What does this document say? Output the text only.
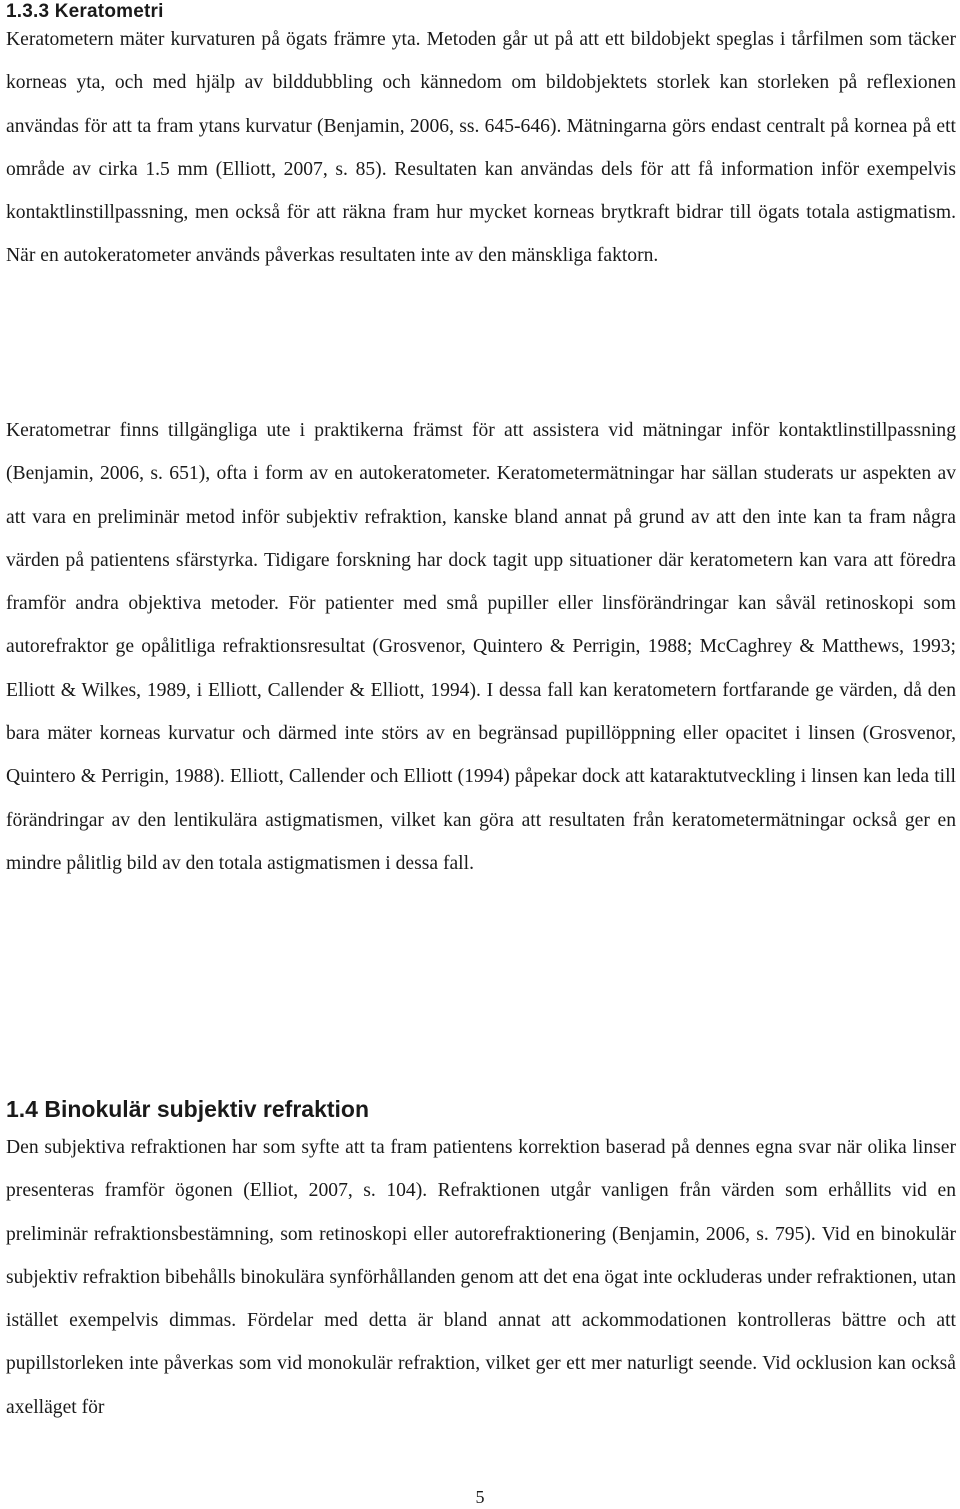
1.3.3 Keratometri

Keratometern mäter kurvaturen på ögats främre yta. Metoden går ut på att ett bildobjekt speglas i tårfilmen som täcker korneas yta, och med hjälp av bilddubbling och kännedom om bildobjektets storlek kan storleken på reflexionen användas för att ta fram ytans kurvatur (Benjamin, 2006, ss. 645-646). Mätningarna görs endast centralt på kornea på ett område av cirka 1.5 mm (Elliott, 2007, s. 85). Resultaten kan användas dels för att få information inför exempelvis kontaktlinstillpassning, men också för att räkna fram hur mycket korneas brytkraft bidrar till ögats totala astigmatism. När en autokeratometer används påverkas resultaten inte av den mänskliga faktorn.

Keratometrar finns tillgängliga ute i praktikerna främst för att assistera vid mätningar inför kontaktlinstillpassning (Benjamin, 2006, s. 651), ofta i form av en autokeratometer. Keratometermätningar har sällan studerats ur aspekten av att vara en preliminär metod inför subjektiv refraktion, kanske bland annat på grund av att den inte kan ta fram några värden på patientens sfärstyrka. Tidigare forskning har dock tagit upp situationer där keratometern kan vara att föredra framför andra objektiva metoder. För patienter med små pupiller eller linsförändringar kan såväl retinoskopi som autorefraktor ge opålitliga refraktionsresultat (Grosvenor, Quintero & Perrigin, 1988; McCaghrey & Matthews, 1993; Elliott & Wilkes, 1989, i Elliott, Callender & Elliott, 1994). I dessa fall kan keratometern fortfarande ge värden, då den bara mäter korneas kurvatur och därmed inte störs av en begränsad pupillöppning eller opacitet i linsen (Grosvenor, Quintero & Perrigin, 1988). Elliott, Callender och Elliott (1994) påpekar dock att kataraktutveckling i linsen kan leda till förändringar av den lentikulära astigmatismen, vilket kan göra att resultaten från keratometermätningar också ger en mindre pålitlig bild av den totala astigmatismen i dessa fall.

1.4 Binokulär subjektiv refraktion

Den subjektiva refraktionen har som syfte att ta fram patientens korrektion baserad på dennes egna svar när olika linser presenteras framför ögonen (Elliot, 2007, s. 104). Refraktionen utgår vanligen från värden som erhållits vid en preliminär refraktionsbestämning, som retinoskopi eller autorefraktionering (Benjamin, 2006, s. 795). Vid en binokulär subjektiv refraktion bibehålls binokulära synförhållanden genom att det ena ögat inte ockluderas under refraktionen, utan istället exempelvis dimmas. Fördelar med detta är bland annat att ackommodationen kontrolleras bättre och att pupillstorleken inte påverkas som vid monokulär refraktion, vilket ger ett mer naturligt seende. Vid ocklusion kan också axelläget för

5
